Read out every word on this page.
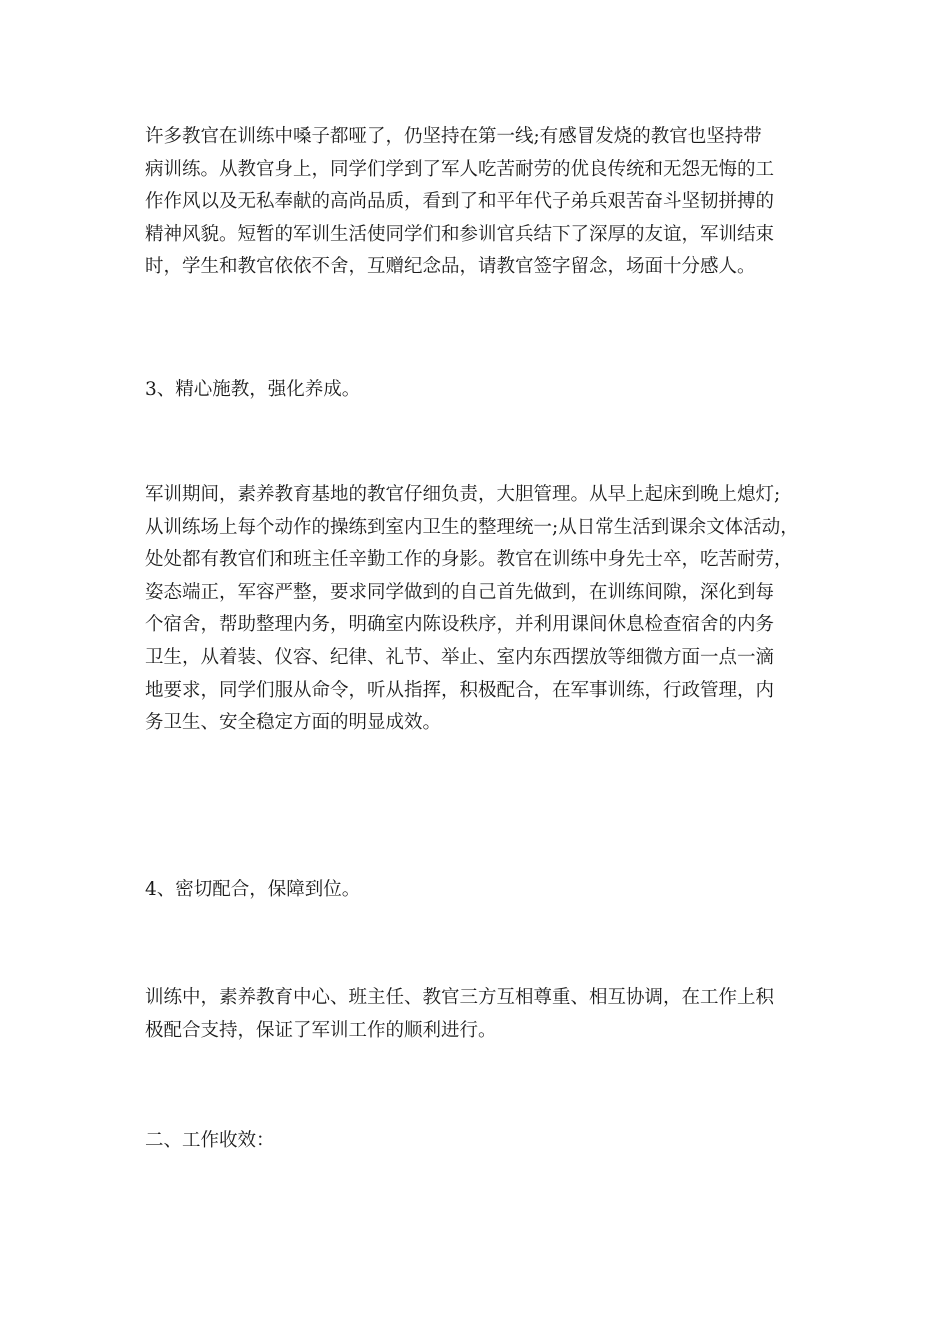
许多教官在训练中嗓子都哑了，仍坚持在第一线;有感冒发烧的教官也坚持带
病训练。从教官身上，同学们学到了军人吃苦耐劳的优良传统和无怨无悔的工
作作风以及无私奉献的高尚品质，看到了和平年代子弟兵艰苦奋斗坚韧拼搏的
精神风貌。短暂的军训生活使同学们和参训官兵结下了深厚的友谊，军训结束
时，学生和教官依依不舍，互赠纪念品，请教官签字留念，场面十分感人。
3、精心施教，强化养成。
军训期间，素养教育基地的教官仔细负责，大胆管理。从早上起床到晚上熄灯;
从训练场上每个动作的操练到室内卫生的整理统一;从日常生活到课余文体活动，
处处都有教官们和班主任辛勤工作的身影。教官在训练中身先士卒，吃苦耐劳，
姿态端正，军容严整，要求同学做到的自己首先做到，在训练间隙，深化到每
个宿舍，帮助整理内务，明确室内陈设秩序，并利用课间休息检查宿舍的内务
卫生，从着装、仪容、纪律、礼节、举止、室内东西摆放等细微方面一点一滴
地要求，同学们服从命令，听从指挥，积极配合，在军事训练，行政管理，内
务卫生、安全稳定方面的明显成效。
4、密切配合，保障到位。
训练中，素养教育中心、班主任、教官三方互相尊重、相互协调，在工作上积
极配合支持，保证了军训工作的顺利进行。
二、工作收效：
